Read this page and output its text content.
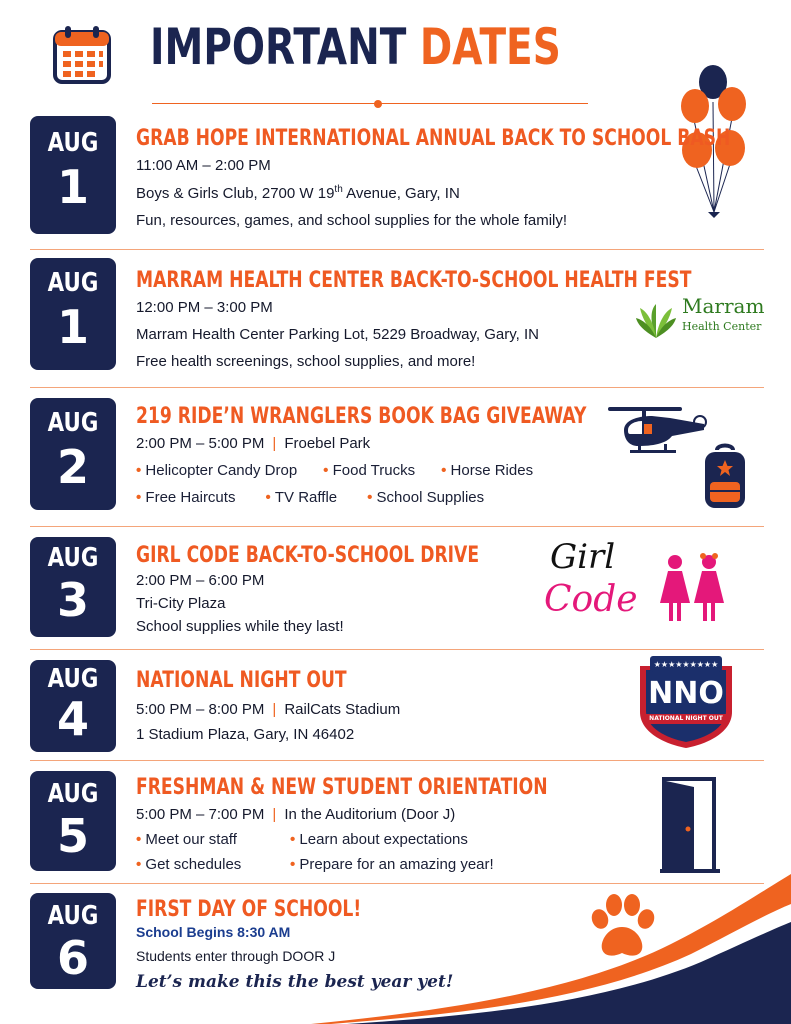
IMPORTANT DATES
AUG
1
GRAB HOPE INTERNATIONAL ANNUAL BACK TO SCHOOL BASH
11:00 AM – 2:00 PM
Boys & Girls Club, 2700 W 19th Avenue, Gary, IN
Fun, resources, games, and school supplies for the whole family!
AUG
1
MARRAM HEALTH CENTER BACK-TO-SCHOOL HEALTH FEST
12:00 PM – 3:00 PM
Marram Health Center Parking Lot, 5229 Broadway, Gary, IN
Free health screenings, school supplies, and more!
Marram
Health Center
AUG
2
219 RIDE’N WRANGLERS BOOK BAG GIVEAWAY
2:00 PM – 5:00 PM | Froebel Park
• Helicopter Candy Drop	• Food Trucks	• Horse Rides
• Free Haircuts	• TV Raffle	• School Supplies
AUG
3
GIRL CODE BACK-TO-SCHOOL DRIVE
2:00 PM – 6:00 PM
Tri-City Plaza
School supplies while they last!
Girl
Code
AUG
4
NATIONAL NIGHT OUT
5:00 PM – 8:00 PM | RailCats Stadium
1 Stadium Plaza, Gary, IN 46402
★★★★★★★★★
NNO
NATIONAL NIGHT OUT
AUG
5
FRESHMAN & NEW STUDENT ORIENTATION
5:00 PM – 7:00 PM | In the Auditorium (Door J)
• Meet our staff	• Learn about expectations
• Get schedules	• Prepare for an amazing year!
AUG
6
FIRST DAY OF SCHOOL!
School Begins 8:30 AM
Students enter through DOOR J
Let’s make this the best year yet!
